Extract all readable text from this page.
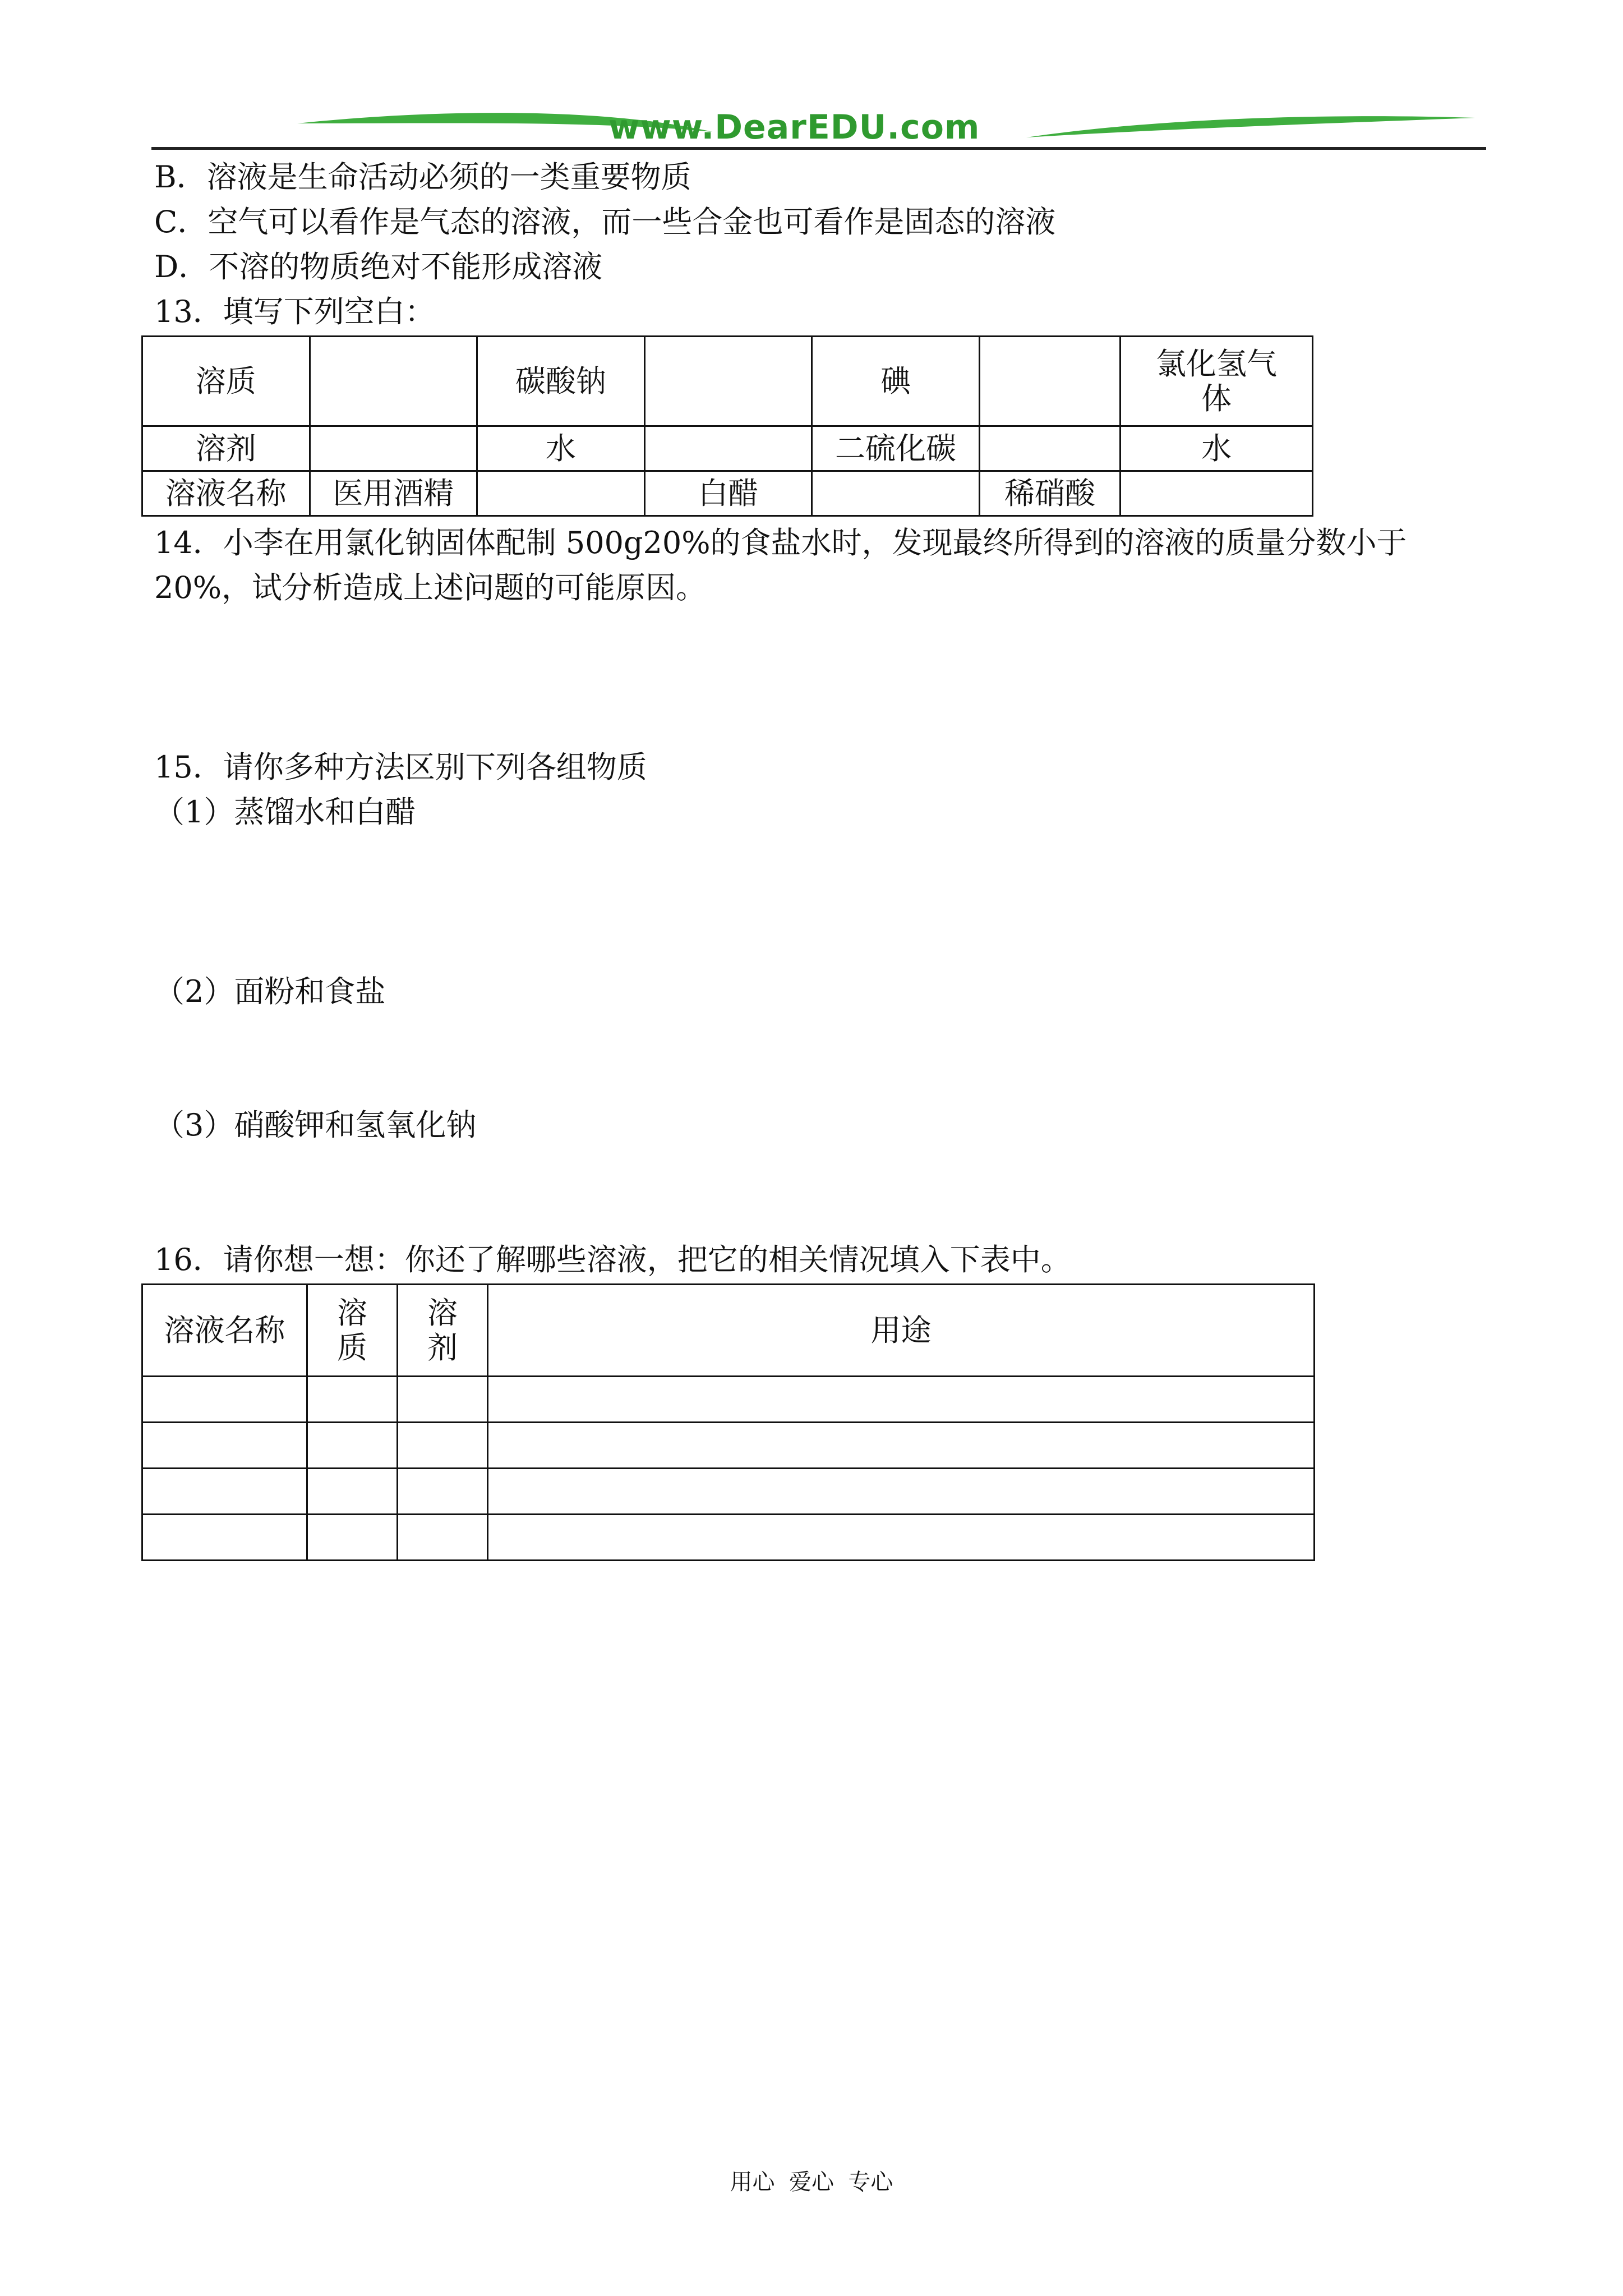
www.DearEDU.com
B．溶液是生命活动必须的一类重要物质
C．空气可以看作是气态的溶液，而一些合金也可看作是固态的溶液
D．不溶的物质绝对不能形成溶液
13．填写下列空白：
溶质		碳酸钠		碘		氯化氢气体
溶剂		水		二硫化碳		水
溶液名称	医用酒精		白醋		稀硝酸	
14．小李在用氯化钠固体配制 500g20%的食盐水时，发现最终所得到的溶液的质量分数小于
20%，试分析造成上述问题的可能原因。
15．请你多种方法区别下列各组物质
（1）蒸馏水和白醋
（2）面粉和食盐
（3）硝酸钾和氢氧化钠
16．请你想一想：你还了解哪些溶液，把它的相关情况填入下表中。
溶液名称	溶质	溶剂	用途

用心  爱心  专心
